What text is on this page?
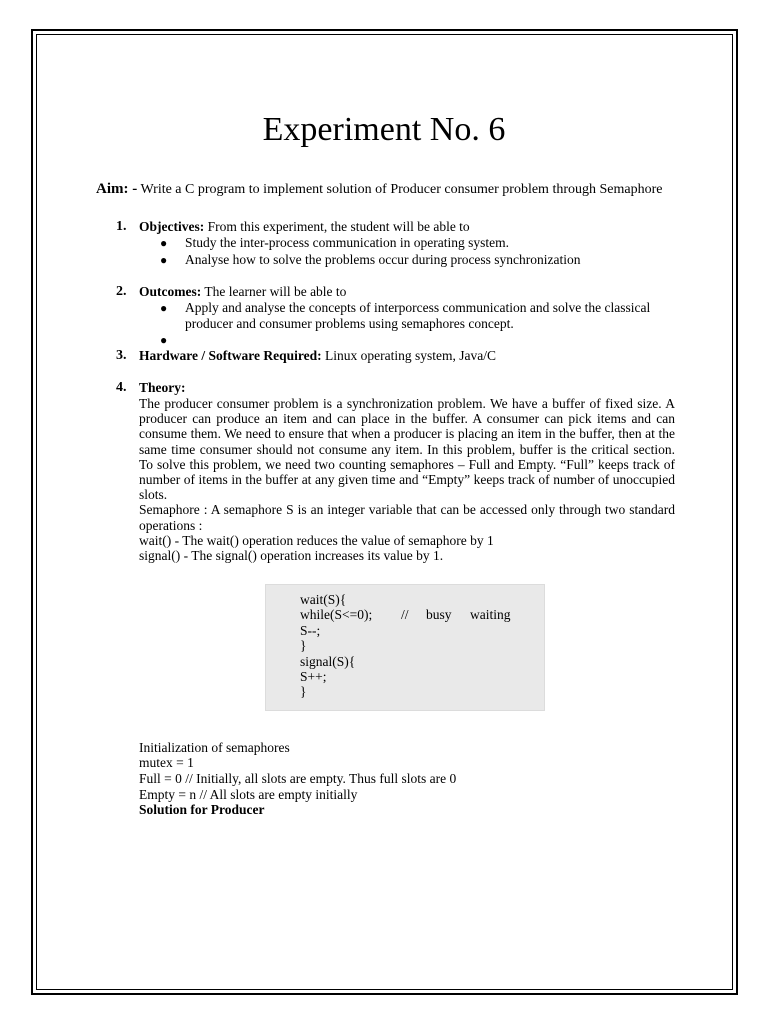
Experiment No. 6
Aim: - Write a C program to implement solution of Producer consumer problem through Semaphore
1. Objectives: From this experiment, the student will be able to
● Study the inter-process communication in operating system.
● Analyse how to solve the problems occur during process synchronization
2. Outcomes: The learner will be able to
● Apply and analyse the concepts of interporcess communication and solve the classical producer and consumer problems using semaphores concept.
●
3. Hardware / Software Required: Linux operating system, Java/C
4. Theory:

The producer consumer problem is a synchronization problem. We have a buffer of fixed size. A producer can produce an item and can place in the buffer. A consumer can pick items and can consume them. We need to ensure that when a producer is placing an item in the buffer, then at the same time consumer should not consume any item. In this problem, buffer is the critical section. To solve this problem, we need two counting semaphores – Full and Empty. “Full” keeps track of number of items in the buffer at any given time and “Empty” keeps track of number of unoccupied slots.

Semaphore : A semaphore S is an integer variable that can be accessed only through two standard operations :

wait() - The wait() operation reduces the value of semaphore by 1

signal() - The signal() operation increases its value by 1.

wait(S){
while(S<=0); // busy waiting
S--;
}
signal(S){
S++;
}
Initialization of semaphores
mutex = 1
Full = 0 // Initially, all slots are empty. Thus full slots are 0
Empty = n // All slots are empty initially
Solution for Producer
